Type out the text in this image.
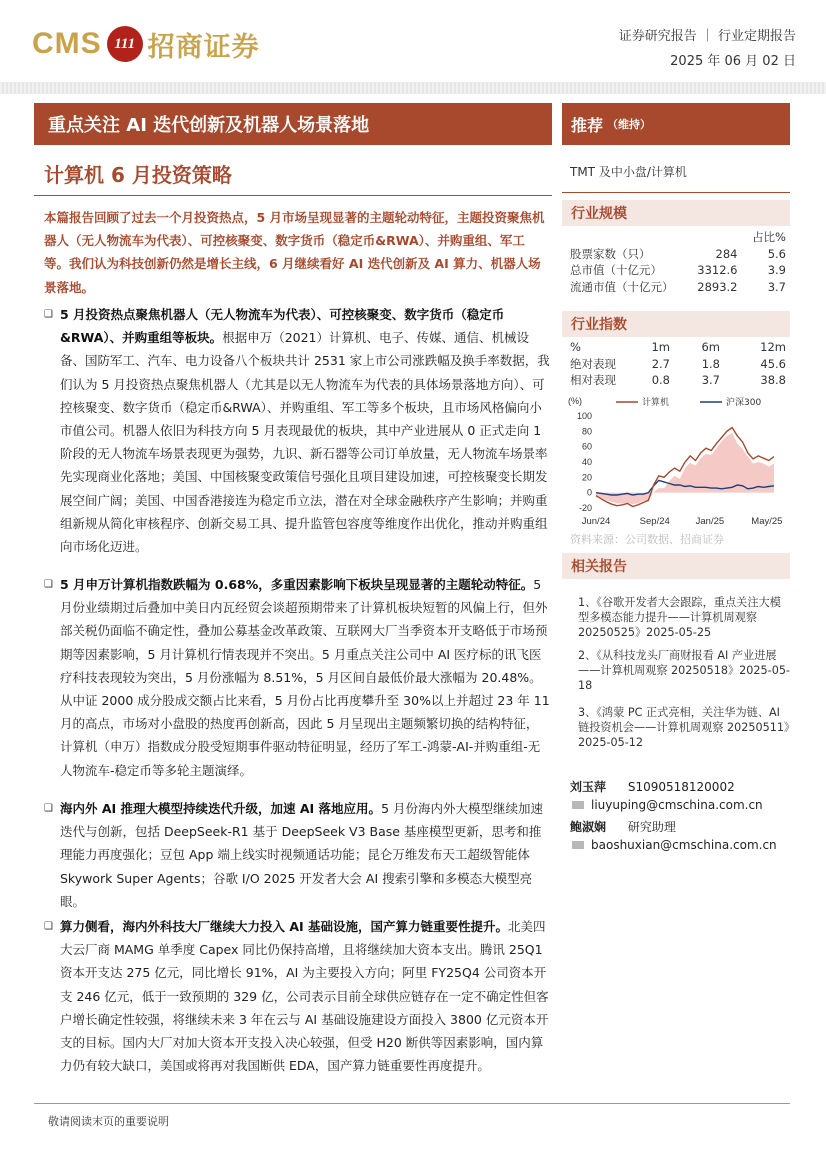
CMS 111 招商证券	证券研究报告 ｜ 行业定期报告
2025 年 06 月 02 日
重点关注 AI 迭代创新及机器人场景落地
计算机 6 月投资策略
本篇报告回顾了过去一个月投资热点，5 月市场呈现显著的主题轮动特征，主题投资聚焦机器人（无人物流车为代表）、可控核聚变、数字货币（稳定币&RWA）、并购重组、军工等。我们认为科技创新仍然是增长主线，6 月继续看好 AI 迭代创新及 AI 算力、机器人场景落地。
❑ 5 月投资热点聚焦机器人（无人物流车为代表）、可控核聚变、数字货币（稳定币&RWA）、并购重组等板块。根据申万（2021）计算机、电子、传媒、通信、机械设备、国防军工、汽车、电力设备八个板块共计 2531 家上市公司涨跌幅及换手率数据，我们认为 5 月投资热点聚焦机器人（尤其是以无人物流车为代表的具体场景落地方向）、可控核聚变、数字货币（稳定币&RWA）、并购重组、军工等多个板块，且市场风格偏向小市值公司。机器人依旧为科技方向 5 月表现最优的板块，其中产业进展从 0 正式走向 1 阶段的无人物流车场景表现更为强势，九识、新石器等公司订单放量，无人物流车场景率先实现商业化落地；美国、中国核聚变政策信号强化且项目建设加速，可控核聚变长期发展空间广阔；美国、中国香港接连为稳定币立法，潜在对全球金融秩序产生影响；并购重组新规从简化审核程序、创新交易工具、提升监管包容度等维度作出优化，推动并购重组向市场化迈进。
❑ 5 月申万计算机指数跌幅为 0.68%，多重因素影响下板块呈现显著的主题轮动特征。5 月份业绩期过后叠加中美日内瓦经贸会谈超预期带来了计算机板块短暂的风偏上行，但外部关税仍面临不确定性，叠加公募基金改革政策、互联网大厂当季资本开支略低于市场预期等因素影响，5 月计算机行情表现并不突出。5 月重点关注公司中 AI 医疗标的讯飞医疗科技表现较为突出，5 月份涨幅为 8.51%，5 月区间自最低价最大涨幅为 20.48%。从中证 2000 成分股成交额占比来看，5 月份占比再度攀升至 30%以上并超过 23 年 11 月的高点，市场对小盘股的热度再创新高，因此 5 月呈现出主题频繁切换的结构特征，计算机（申万）指数成分股受短期事件驱动特征明显，经历了军工-鸿蒙-AI-并购重组-无人物流车-稳定币等多轮主题演绎。
❑ 海内外 AI 推理大模型持续迭代升级，加速 AI 落地应用。5 月份海内外大模型继续加速迭代与创新，包括 DeepSeek-R1 基于 DeepSeek V3 Base 基座模型更新，思考和推理能力再度强化；豆包 App 端上线实时视频通话功能；昆仑万维发布天工超级智能体 Skywork Super Agents；谷歌 I/O 2025 开发者大会 AI 搜索引擎和多模态大模型亮眼。
❑ 算力侧看，海内外科技大厂继续大力投入 AI 基础设施，国产算力链重要性提升。北美四大云厂商 MAMG 单季度 Capex 同比仍保持高增，且将继续加大资本支出。腾讯 25Q1 资本开支达 275 亿元，同比增长 91%，AI 为主要投入方向；阿里 FY25Q4 公司资本开支 246 亿元，低于一致预期的 329 亿，公司表示目前全球供应链存在一定不确定性但客户增长确定性较强，将继续未来 3 年在云与 AI 基础设施建设方面投入 3800 亿元资本开支的目标。国内大厂对加大资本开支投入决心较强，但受 H20 断供等因素影响，国内算力仍有较大缺口，美国或将再对我国断供 EDA，国产算力链重要性再度提升。
推荐 （维持）
TMT 及中小盘/计算机
行业规模
		占比%
股票家数（只）	284	5.6
总市值（十亿元）	3312.6	3.9
流通市值（十亿元）	2893.2	3.7
行业指数
%	1m	6m	12m
绝对表现	2.7	1.8	45.6
相对表现	0.8	3.7	38.8
(%)
-20
0
20
40
60
80
100
Jun/24	Sep/24	Jan/25	May/25
计算机	沪深300
资料来源：公司数据、招商证券
相关报告
1、《谷歌开发者大会跟踪，重点关注大模型多模态能力提升——计算机周观察 20250525》2025-05-25
2、《从科技龙头厂商财报看 AI 产业进展——计算机周观察 20250518》2025-05-18
3、《鸿蒙 PC 正式亮相，关注华为链、AI 链投资机会——计算机周观察 20250511》2025-05-12
刘玉萍 S1090518120002
liuyuping@cmschina.com.cn
鲍淑娴 研究助理
baoshuxian@cmschina.com.cn
敬请阅读末页的重要说明
